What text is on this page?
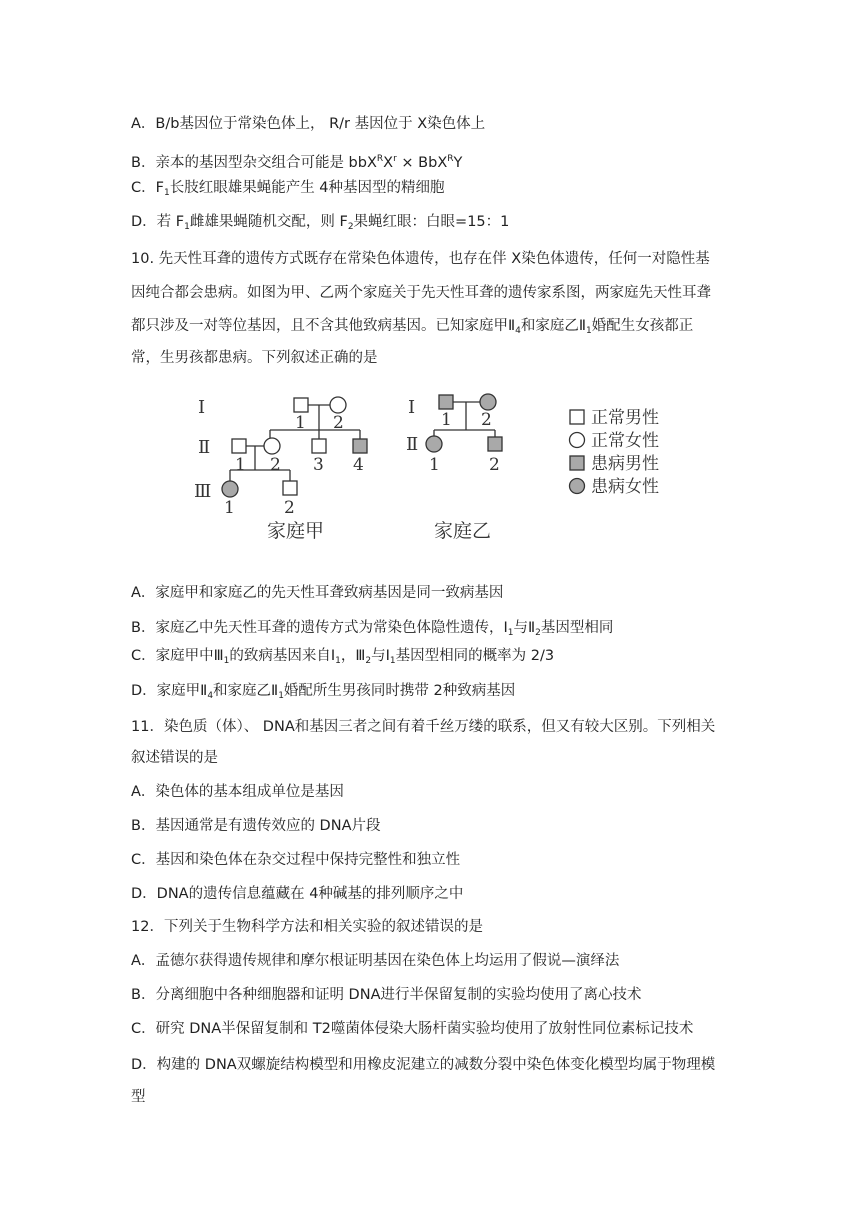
A．B/b基因位于常染色体上， R/r 基因位于 X染色体上
B．亲本的基因型杂交组合可能是 $bbX^RX^r \times BbX^RY$
C．$F_1$长肢红眼雄果蝇能产生 4种基因型的精细胞
D．若 $F_1$雌雄果蝇随机交配，则 $F_2$果蝇红眼：白眼=15：1
10. 先天性耳聋的遗传方式既存在常染色体遗传，也存在伴 X染色体遗传，任何一对隐性基
因纯合都会患病。如图为甲、乙两个家庭关于先天性耳聋的遗传家系图，两家庭先天性耳聋
都只涉及一对等位基因，且不含其他致病基因。已知家庭甲$Ⅱ_4$和家庭乙$Ⅱ_1$婚配生女孩都正
常，生男孩都患病。下列叙述正确的是
Ⅰ
Ⅱ
Ⅲ
Ⅰ
Ⅱ
1 2
1 2 3 4
1	2
1 2
1	2
家庭甲	家庭乙
正常男性
正常女性
患病男性
患病女性
A．家庭甲和家庭乙的先天性耳聋致病基因是同一致病基因
B．家庭乙中先天性耳聋的遗传方式为常染色体隐性遗传，$Ⅰ_1$与$Ⅱ_2$基因型相同
C．家庭甲中$Ⅲ_1$的致病基因来自$Ⅰ_1$，$Ⅲ_2$与$Ⅰ_1$基因型相同的概率为 2/3
D．家庭甲$Ⅱ_4$和家庭乙$Ⅱ_1$婚配所生男孩同时携带 2种致病基因
11．染色质（体）、 DNA和基因三者之间有着千丝万缕的联系，但又有较大区别。下列相关
叙述错误的是
A．染色体的基本组成单位是基因
B．基因通常是有遗传效应的 DNA片段
C．基因和染色体在杂交过程中保持完整性和独立性
D．DNA的遗传信息蕴藏在 4种碱基的排列顺序之中
12．下列关于生物科学方法和相关实验的叙述错误的是
A．孟德尔获得遗传规律和摩尔根证明基因在染色体上均运用了假说—演绎法
B．分离细胞中各种细胞器和证明 DNA进行半保留复制的实验均使用了离心技术
C．研究 DNA半保留复制和 T2噬菌体侵染大肠杆菌实验均使用了放射性同位素标记技术
D．构建的 DNA双螺旋结构模型和用橡皮泥建立的减数分裂中染色体变化模型均属于物理模
型
